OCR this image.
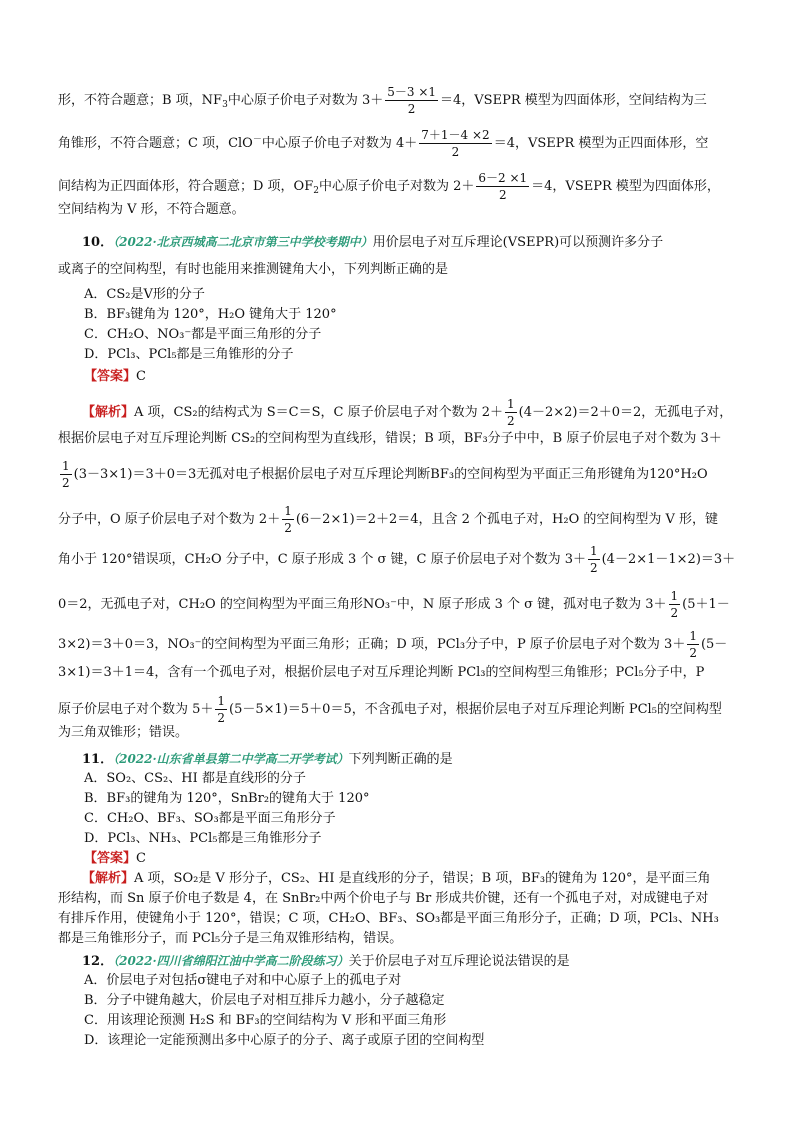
形，不符合题意；B 项，$NF_3$中心原子价电子对数为 $3+ \frac{5-3 \times 1}{2} =4$，VSEPR 模型为四面体形，空间结构为三
角锥形，不符合题意；C 项，ClO－中心原子价电子对数为 $4+ \frac{7+1-4 \times 2}{2} =4$，VSEPR 模型为正四面体形，空
间结构为正四面体形，符合题意；D 项，$OF_2$中心原子价电子对数为 $2+ \frac{6-2 \times 1}{2} =4$，VSEPR 模型为四面体形，
空间结构为 V 形，不符合题意。
10．（2022·北京西城高二北京市第三中学校考期中）用价层电子对互斥理论(VSEPR)可以预测许多分子
或离子的空间构型，有时也能用来推测键角大小，下列判断正确的是
A．CS₂是V形的分子
B．BF₃键角为 120°，H₂O 键角大于 120°
C．CH₂O、NO₃⁻都是平面三角形的分子
D．PCl₃、PCl₅都是三角锥形的分子
【答案】C
【解析】A 项，CS₂的结构式为 S＝C＝S，C 原子价层电子对个数为 $2+ \frac{1}{2} (4-2\times 2)=2+0=2$，无孤电子对，
根据价层电子对互斥理论判断 CS₂的空间构型为直线形，错误；B 项，BF₃分子中中，B 原子价层电子对个数为 3＋
$\frac{1}{2} (3-3\times 1)=3+0=3$无孤对电子根据价层电子对互斥理论判断BF₃的空间构型为平面正三角形键角为120°H₂O
分子中，O 原子价层电子对个数为 $2+ \frac{1}{2} (6-2\times 1)=2+2=4$，且含 2 个孤电子对，H₂O 的空间构型为 V 形，键
角小于 120°错误项，CH₂O 分子中，C 原子形成 3 个 σ 键，C 原子价层电子对个数为 $3+ \frac{1}{2} (4-2\times 1-1\times 2)=3+$
0＝2，无孤电子对，CH₂O 的空间构型为平面三角形NO₃⁻中，N 原子形成 3 个 σ 键，孤对电子数为 $3+ \frac{1}{2} (5+1-$
3×2)＝3＋0＝3，NO₃⁻的空间构型为平面三角形；正确；D 项，PCl₃分子中，P 原子价层电子对个数为 $3+ \frac{1}{2} (5-$
3×1)＝3＋1＝4，含有一个孤电子对，根据价层电子对互斥理论判断 PCl₃的空间构型三角锥形；PCl₅分子中，P
原子价层电子对个数为 $5+ \frac{1}{2} (5-5\times 1)=5+0=5$，不含孤电子对，根据价层电子对互斥理论判断 PCl₅的空间构型
为三角双锥形；错误。
11．（2022·山东省单县第二中学高二开学考试）下列判断正确的是
A．SO₂、CS₂、HI 都是直线形的分子
B．BF₃的键角为 120°，SnBr₂的键角大于 120°
C．CH₂O、BF₃、SO₃都是平面三角形分子
D．PCl₃、NH₃、PCl₅都是三角锥形分子
【答案】C
【解析】A 项，SO₂是 V 形分子，CS₂、HI 是直线形的分子，错误；B 项，BF₃的键角为 120°，是平面三角
形结构，而 Sn 原子价电子数是 4，在 SnBr₂中两个价电子与 Br 形成共价键，还有一个孤电子对，对成键电子对
有排斥作用，使键角小于 120°，错误；C 项，CH₂O、BF₃、SO₃都是平面三角形分子，正确；D 项，PCl₃、NH₃
都是三角锥形分子，而 PCl₅分子是三角双锥形结构，错误。
12．（2022·四川省绵阳江油中学高二阶段练习）关于价层电子对互斥理论说法错误的是
A．价层电子对包括σ键电子对和中心原子上的孤电子对
B．分子中键角越大，价层电子对相互排斥力越小，分子越稳定
C．用该理论预测 H₂S 和 BF₃的空间结构为 V 形和平面三角形
D．该理论一定能预测出多中心原子的分子、离子或原子团的空间构型
